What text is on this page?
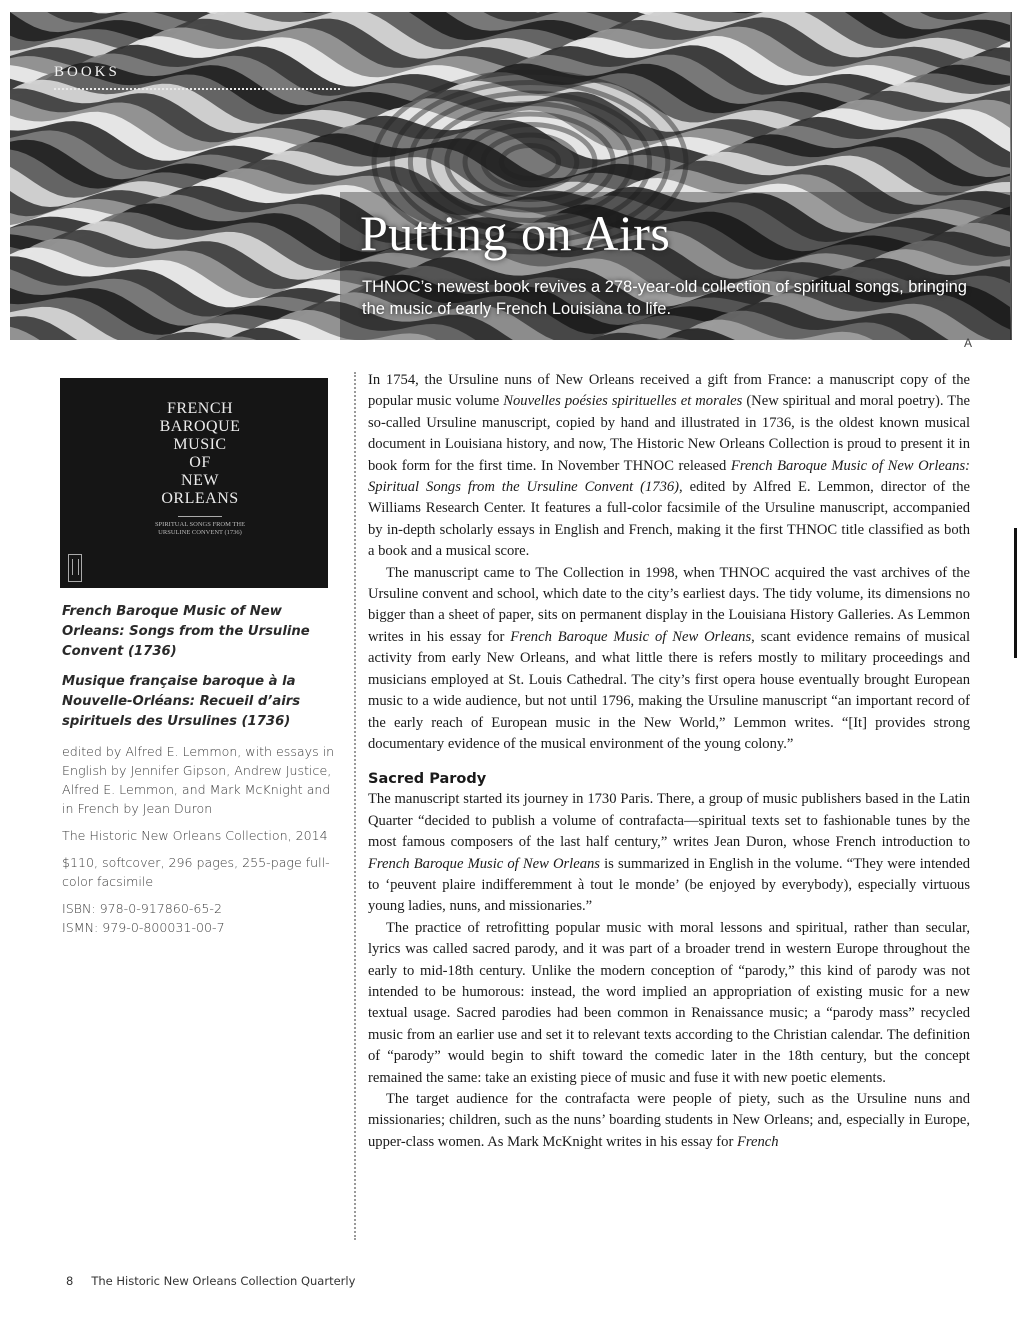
BOOKS
Putting on Airs

THNOC’s newest book revives a 278-year-old collection of spiritual songs, bringing the music of early French Louisiana to life.

A
FRENCH
BAROQUE
MUSIC
OF
NEW
ORLEANS
SPIRITUAL SONGS FROM THE URSULINE CONVENT (1736)

French Baroque Music of New Orleans: Songs from the Ursuline Convent (1736)

Musique française baroque à la Nouvelle-Orléans: Recueil d’airs spirituels des Ursulines (1736)

edited by Alfred E. Lemmon, with essays in English by Jennifer Gipson, Andrew Justice, Alfred E. Lemmon, and Mark McKnight and in French by Jean Duron

The Historic New Orleans Collection, 2014

$110, softcover, 296 pages, 255-page full-color facsimile

ISBN: 978-0-917860-65-2

ISMN: 979-0-800031-00-7

In 1754, the Ursuline nuns of New Orleans received a gift from France: a manuscript copy of the popular music volume Nouvelles poésies spirituelles et morales (New spiritual and moral poetry). The so-called Ursuline manuscript, copied by hand and illustrated in 1736, is the oldest known musical document in Louisiana history, and now, The Historic New Orleans Collection is proud to present it in book form for the first time. In November THNOC released French Baroque Music of New Orleans: Spiritual Songs from the Ursuline Convent (1736), edited by Alfred E. Lemmon, director of the Williams Research Center. It features a full-color facsimile of the Ursuline manuscript, accompanied by in-depth scholarly essays in English and French, making it the first THNOC title classified as both a book and a musical score.

The manuscript came to The Collection in 1998, when THNOC acquired the vast archives of the Ursuline convent and school, which date to the city’s earliest days. The tidy volume, its dimensions no bigger than a sheet of paper, sits on permanent display in the Louisiana History Galleries. As Lemmon writes in his essay for French Baroque Music of New Orleans, scant evidence remains of musical activity from early New Orleans, and what little there is refers mostly to military proceedings and musicians employed at St. Louis Cathedral. The city’s first opera house eventually brought European music to a wide audience, but not until 1796, making the Ursuline manuscript “an important record of the early reach of European music in the New World,” Lemmon writes. “[It] provides strong documentary evidence of the musical environment of the young colony.”

Sacred Parody

The manuscript started its journey in 1730 Paris. There, a group of music publishers based in the Latin Quarter “decided to publish a volume of contrafacta—spiritual texts set to fashionable tunes by the most famous composers of the last half century,” writes Jean Duron, whose French introduction to French Baroque Music of New Orleans is summarized in English in the volume. “They were intended to ‘peuvent plaire indifferemment à tout le monde’ (be enjoyed by everybody), especially virtuous young ladies, nuns, and missionaries.”

The practice of retrofitting popular music with moral lessons and spiritual, rather than secular, lyrics was called sacred parody, and it was part of a broader trend in western Europe throughout the early to mid-18th century. Unlike the modern conception of “parody,” this kind of parody was not intended to be humorous: instead, the word implied an appropriation of existing music for a new textual usage. Sacred parodies had been common in Renaissance music; a “parody mass” recycled music from an earlier use and set it to relevant texts according to the Christian calendar. The definition of “parody” would begin to shift toward the comedic later in the 18th century, but the concept remained the same: take an existing piece of music and fuse it with new poetic elements.

The target audience for the contrafacta were people of piety, such as the Ursuline nuns and missionaries; children, such as the nuns’ boarding students in New Orleans; and, especially in Europe, upper-class women. As Mark McKnight writes in his essay for French

8 The Historic New Orleans Collection Quarterly
